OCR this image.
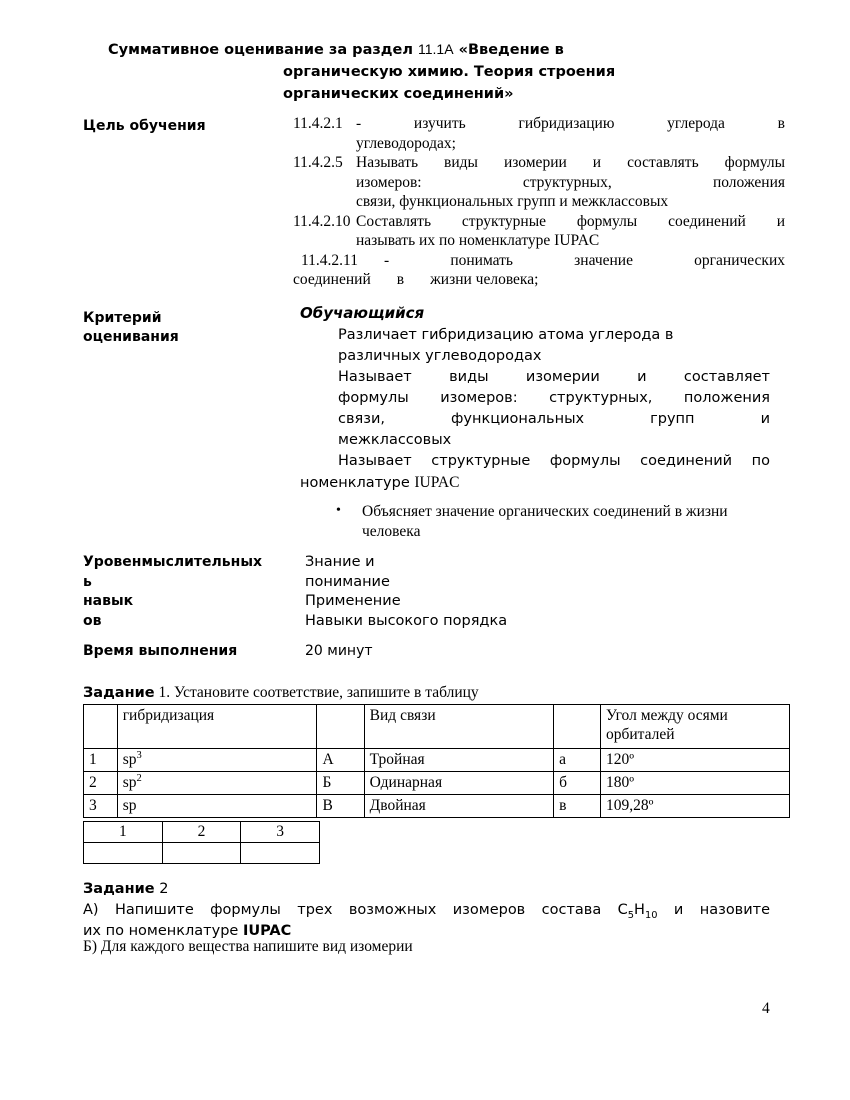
Суммативное оценивание за раздел 11.1A «Введение в
органическую химию. Теория строения
органических соединений»
Цель обучения	11.4.2.1 - изучить гибридизацию углерода в
углеводородах;
11.4.2.5 Называть виды изомерии и составлять формулы
изомеров: структурных, положения
связи, функциональных групп и межклассовых
11.4.2.10 Составлять структурные формулы соединений и
называть их по номенклатуре IUPAC
11.4.2.11 - понимать значение органических
соединений в жизни человека;
Критерий
оценивания
Обучающийся
Различает гибридизацию атома углерода в
различных углеводородах
Называет виды изомерии и составляет
формулы изомеров: структурных, положения
связи, функциональных групп и
межклассовых
Называет структурные формулы соединений по
номенклатуре IUPAC
• Объясняет значение органических соединений в жизни
человека
Уровенмыслительных
ь
навык
ов
Знание и
понимание
Применение
Навыки высокого порядка
Время выполнения	20 минут
Задание 1. Установите соответствие, запишите в таблицу
	гибридизация		Вид связи		Угол между осями орбиталей
1	$sp^3$	А	Тройная	а	120º
2	$sp^2$	Б	Одинарная	б	180º
3	sp	В	Двойная	в	109,28º
1	2	3

Задание 2
А) Напишите формулы трех возможных изомеров состава $C_5H_{10}$ и назовите
их по номенклатуре IUPAC
Б) Для каждого вещества напишите вид изомерии
4
